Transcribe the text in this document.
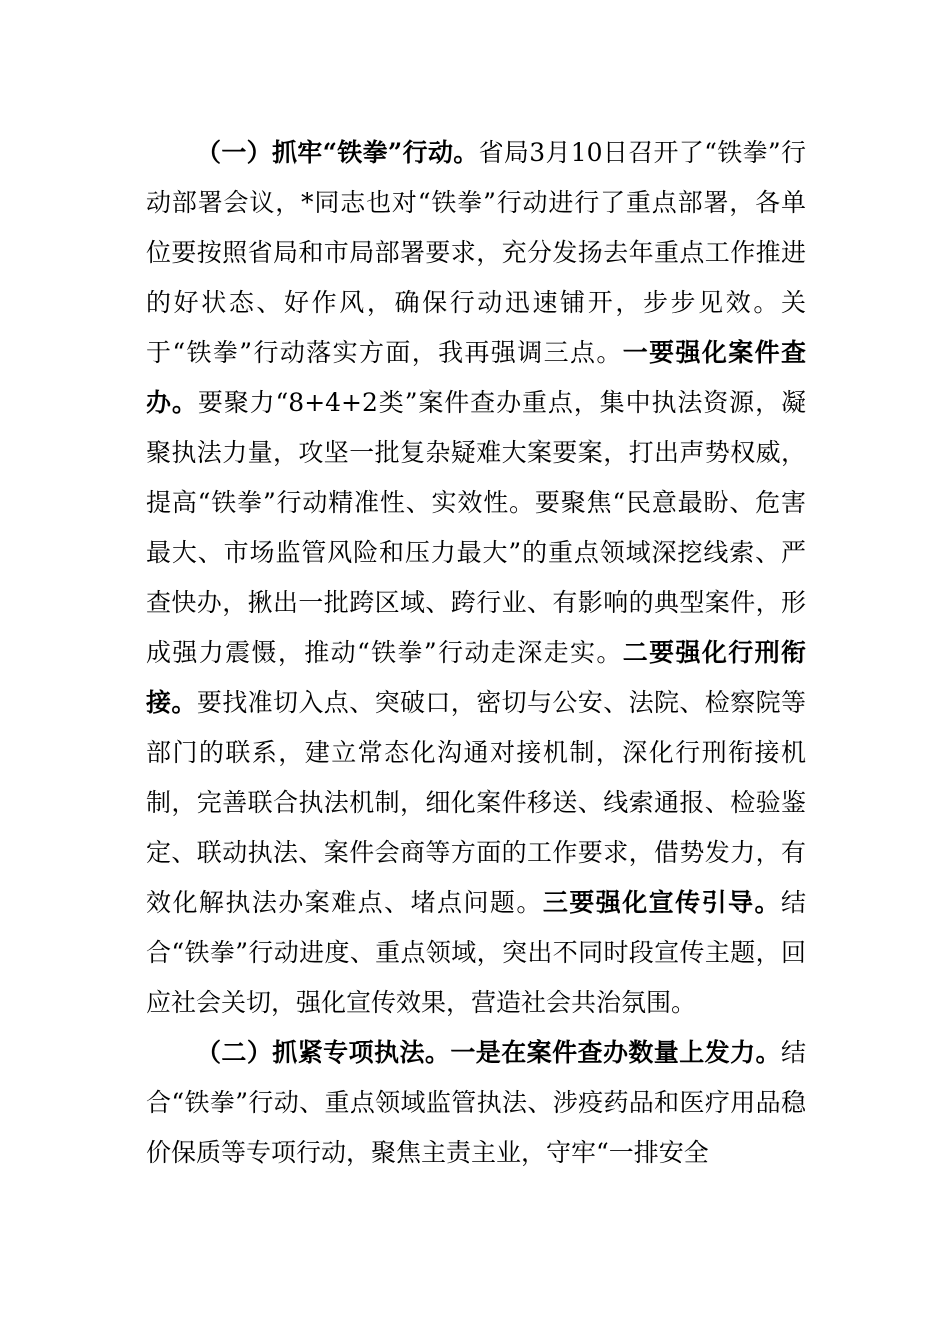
（一）抓牢“铁拳”行动。省局3月10日召开了“铁拳”行动部署会议，*同志也对“铁拳”行动进行了重点部署，各单位要按照省局和市局部署要求，充分发扬去年重点工作推进的好状态、好作风，确保行动迅速铺开，步步见效。关于“铁拳”行动落实方面，我再强调三点。一要强化案件查办。要聚力“8+4+2类”案件查办重点，集中执法资源，凝聚执法力量，攻坚一批复杂疑难大案要案，打出声势权威，提高“铁拳”行动精准性、实效性。要聚焦“民意最盼、危害最大、市场监管风险和压力最大”的重点领域深挖线索、严查快办，揪出一批跨区域、跨行业、有影响的典型案件，形成强力震慑，推动“铁拳”行动走深走实。二要强化行刑衔接。要找准切入点、突破口，密切与公安、法院、检察院等部门的联系，建立常态化沟通对接机制，深化行刑衔接机制，完善联合执法机制，细化案件移送、线索通报、检验鉴定、联动执法、案件会商等方面的工作要求，借势发力，有效化解执法办案难点、堵点问题。三要强化宣传引导。结合“铁拳”行动进度、重点领域，突出不同时段宣传主题，回应社会关切，强化宣传效果，营造社会共治氛围。

（二）抓紧专项执法。一是在案件查办数量上发力。结合“铁拳”行动、重点领域监管执法、涉疫药品和医疗用品稳价保质等专项行动，聚焦主责主业，守牢“一排安全
